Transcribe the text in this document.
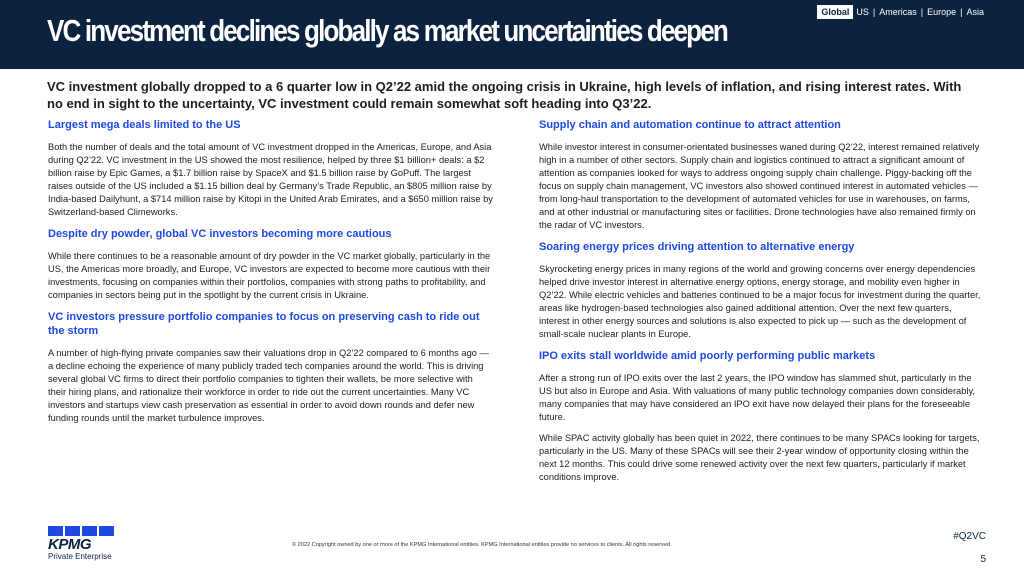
VC investment declines globally as market uncertainties deepen
Global US | Americas | Europe | Asia
VC investment globally dropped to a 6 quarter low in Q2’22 amid the ongoing crisis in Ukraine, high levels of inflation, and rising interest rates. With no end in sight to the uncertainty, VC investment could remain somewhat soft heading into Q3’22.
Largest mega deals limited to the US

Both the number of deals and the total amount of VC investment dropped in the Americas, Europe, and Asia during Q2’22. VC investment in the US showed the most resilience, helped by three $1 billion+ deals: a $2 billion raise by Epic Games, a $1.7 billion raise by SpaceX and $1.5 billion raise by GoPuff. The largest raises outside of the US included a $1.15 billion deal by Germany’s Trade Republic, an $805 million raise by India-based Dailyhunt, a $714 million raise by Kitopi in the United Arab Emirates, and a $650 million raise by Switzerland-based Climeworks.

Despite dry powder, global VC investors becoming more cautious

While there continues to be a reasonable amount of dry powder in the VC market globally, particularly in the US, the Americas more broadly, and Europe, VC investors are expected to become more cautious with their investments, focusing on companies within their portfolios, companies with strong paths to profitability, and companies in sectors being put in the spotlight by the current crisis in Ukraine.

VC investors pressure portfolio companies to focus on preserving cash to ride out the storm

A number of high-flying private companies saw their valuations drop in Q2’22 compared to 6 months ago — a decline echoing the experience of many publicly traded tech companies around the world. This is driving several global VC firms to direct their portfolio companies to tighten their wallets, be more selective with their hiring plans, and rationalize their workforce in order to ride out the current uncertainties. Many VC investors and startups view cash preservation as essential in order to avoid down rounds and defer new funding rounds until the market turbulence improves.

Supply chain and automation continue to attract attention

While investor interest in consumer-orientated businesses waned during Q2’22, interest remained relatively high in a number of other sectors. Supply chain and logistics continued to attract a significant amount of attention as companies looked for ways to address ongoing supply chain challenge. Piggy-backing off the focus on supply chain management, VC investors also showed continued interest in automated vehicles — from long-haul transportation to the development of automated vehicles for use in warehouses, on farms, and at other industrial or manufacturing sites or facilities. Drone technologies have also remained firmly on the radar of VC investors.

Soaring energy prices driving attention to alternative energy

Skyrocketing energy prices in many regions of the world and growing concerns over energy dependencies helped drive investor interest in alternative energy options, energy storage, and mobility even higher in Q2’22. While electric vehicles and batteries continued to be a major focus for investment during the quarter, areas like hydrogen-based technologies also gained additional attention. Over the next few quarters, interest in other energy sources and solutions is also expected to pick up — such as the development of small-scale nuclear plants in Europe.

IPO exits stall worldwide amid poorly performing public markets

After a strong run of IPO exits over the last 2 years, the IPO window has slammed shut, particularly in the US but also in Europe and Asia. With valuations of many public technology companies down considerably, many companies that may have considered an IPO exit have now delayed their plans for the foreseeable future.

While SPAC activity globally has been quiet in 2022, there continues to be many SPACs looking for targets, particularly in the US. Many of these SPACs will see their 2-year window of opportunity closing within the next 12 months. This could drive some renewed activity over the next few quarters, particularly if market conditions improve.

KPMG
Private Enterprise
© 2022 Copyright owned by one or more of the KPMG International entities. KPMG International entities provide no services to clients. All rights reserved.
#Q2VC
5
